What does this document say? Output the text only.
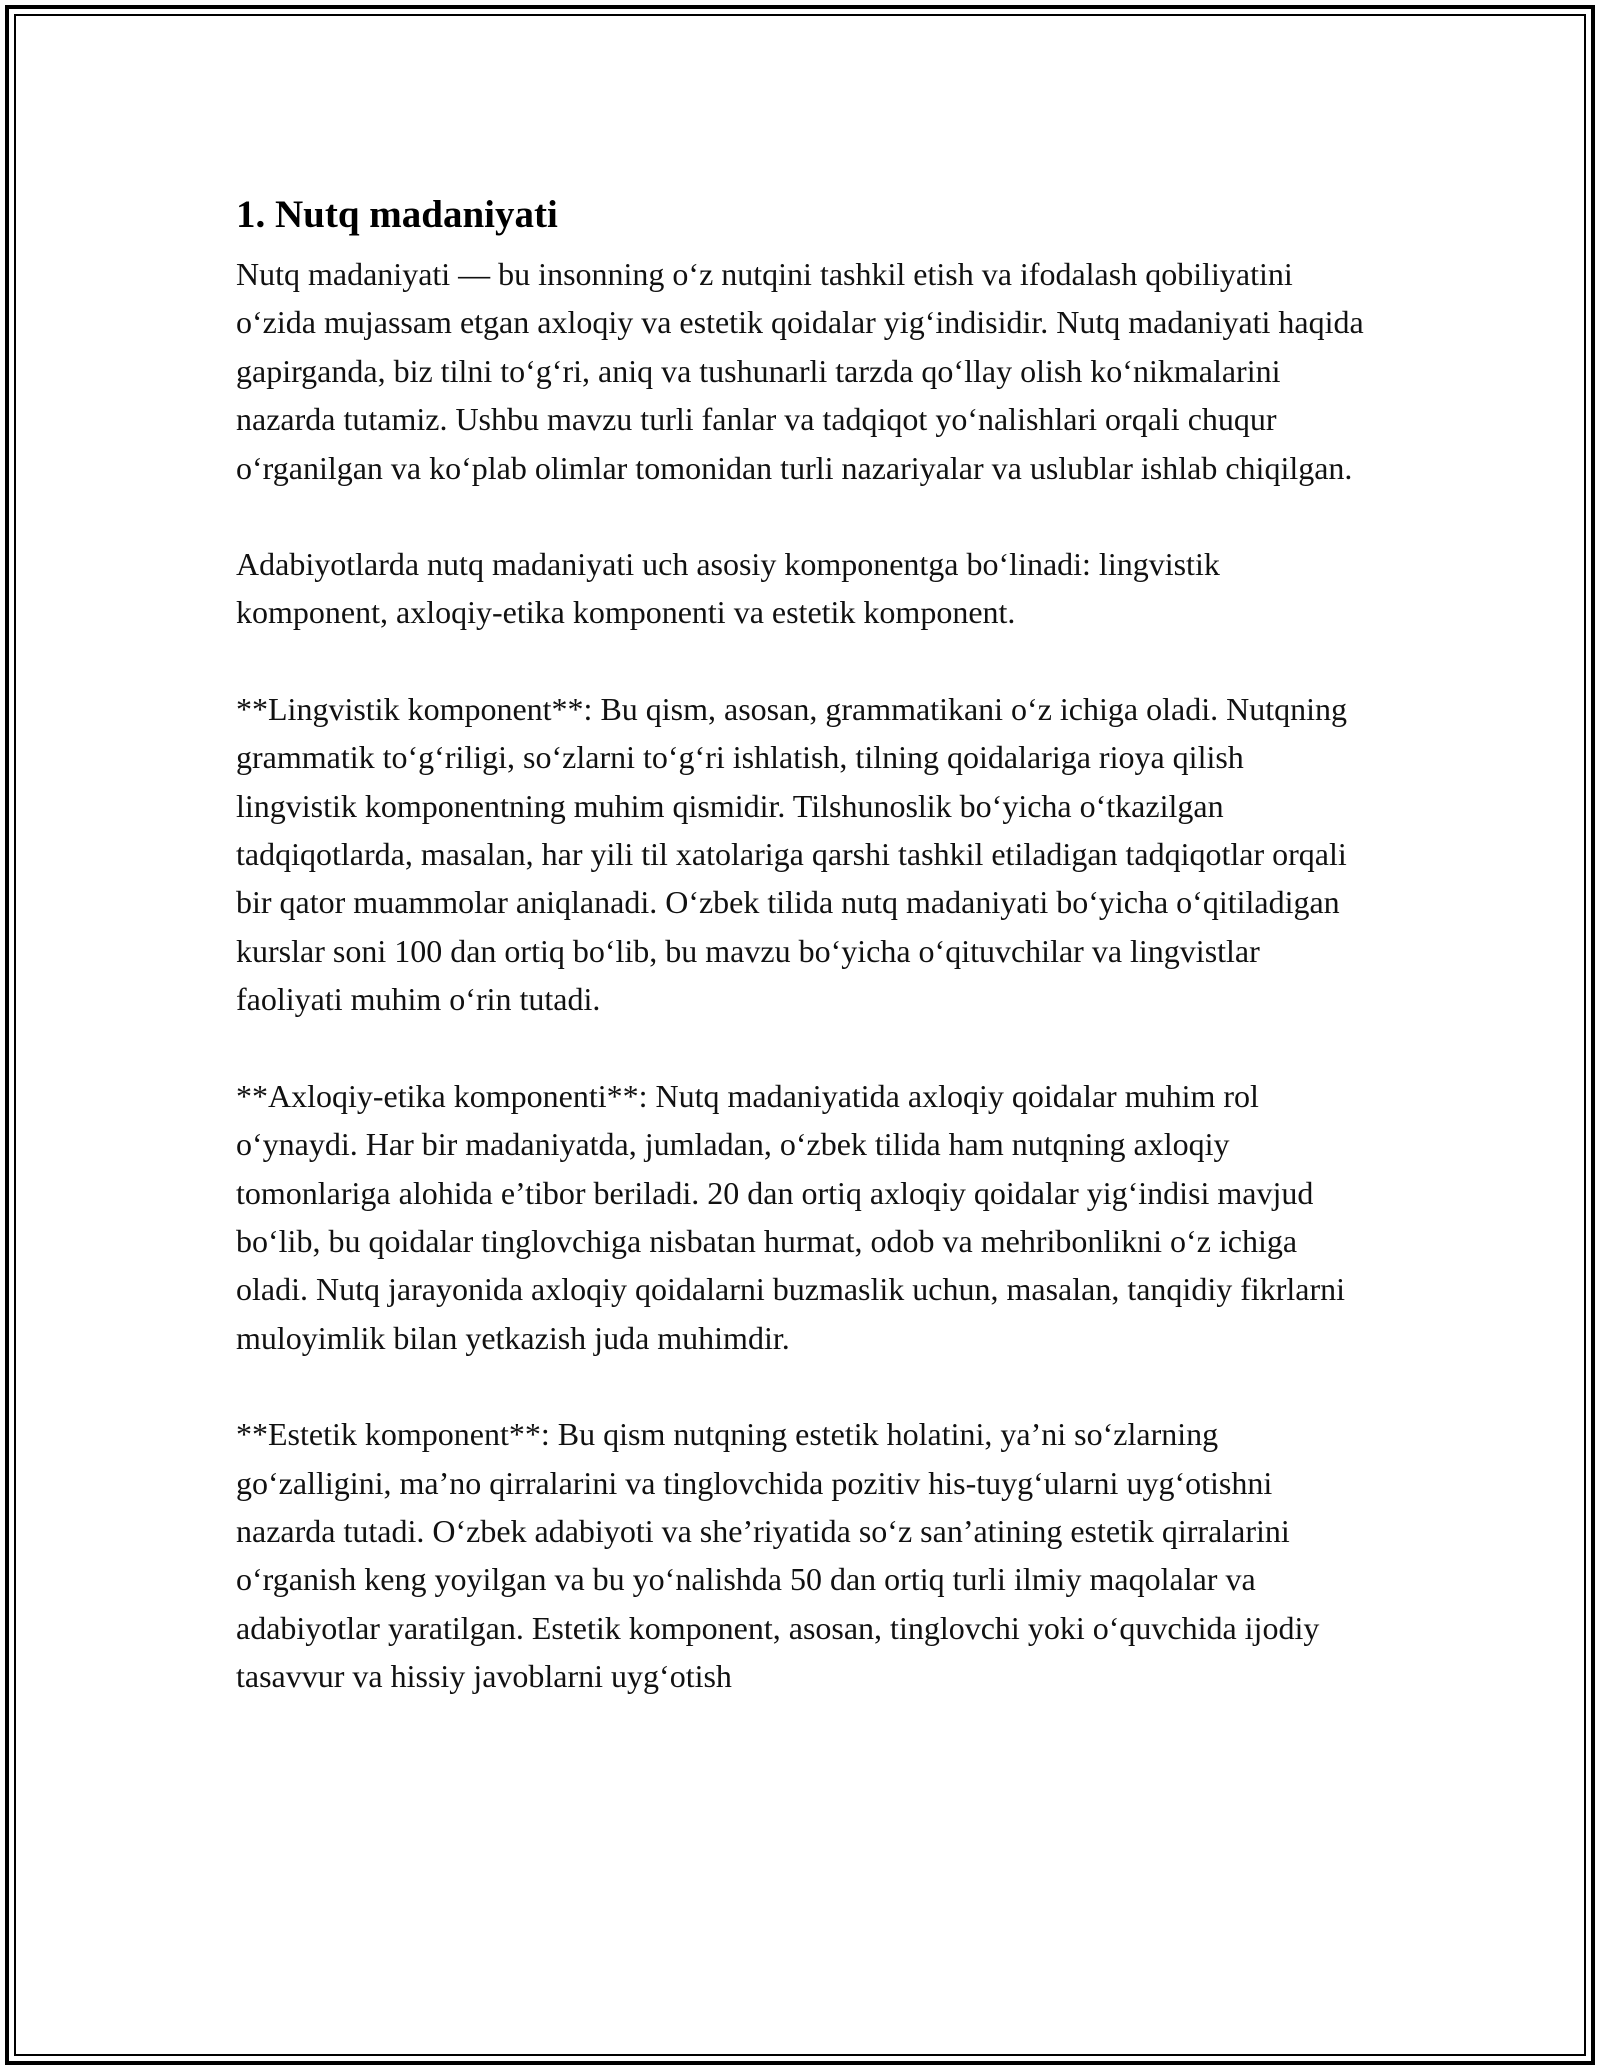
1. Nutq madaniyati

Nutq madaniyati — bu insonning o‘z nutqini tashkil etish va ifodalash qobiliyatini o‘zida mujassam etgan axloqiy va estetik qoidalar yig‘indisidir. Nutq madaniyati haqida gapirganda, biz tilni to‘g‘ri, aniq va tushunarli tarzda qo‘llay olish ko‘nikmalarini nazarda tutamiz. Ushbu mavzu turli fanlar va tadqiqot yo‘nalishlari orqali chuqur o‘rganilgan va ko‘plab olimlar tomonidan turli nazariyalar va uslublar ishlab chiqilgan.

Adabiyotlarda nutq madaniyati uch asosiy komponentga bo‘linadi: lingvistik komponent, axloqiy-etika komponenti va estetik komponent.

**Lingvistik komponent**: Bu qism, asosan, grammatikani o‘z ichiga oladi. Nutqning grammatik to‘g‘riligi, so‘zlarni to‘g‘ri ishlatish, tilning qoidalariga rioya qilish lingvistik komponentning muhim qismidir. Tilshunoslik bo‘yicha o‘tkazilgan tadqiqotlarda, masalan, har yili til xatolariga qarshi tashkil etiladigan tadqiqotlar orqali bir qator muammolar aniqlanadi. O‘zbek tilida nutq madaniyati bo‘yicha o‘qitiladigan kurslar soni 100 dan ortiq bo‘lib, bu mavzu bo‘yicha o‘qituvchilar va lingvistlar faoliyati muhim o‘rin tutadi.

**Axloqiy-etika komponenti**: Nutq madaniyatida axloqiy qoidalar muhim rol o‘ynaydi. Har bir madaniyatda, jumladan, o‘zbek tilida ham nutqning axloqiy tomonlariga alohida e’tibor beriladi. 20 dan ortiq axloqiy qoidalar yig‘indisi mavjud bo‘lib, bu qoidalar tinglovchiga nisbatan hurmat, odob va mehribonlikni o‘z ichiga oladi. Nutq jarayonida axloqiy qoidalarni buzmaslik uchun, masalan, tanqidiy fikrlarni muloyimlik bilan yetkazish juda muhimdir.

**Estetik komponent**: Bu qism nutqning estetik holatini, ya’ni so‘zlarning go‘zalligini, ma’no qirralarini va tinglovchida pozitiv his-tuyg‘ularni uyg‘otishni nazarda tutadi. O‘zbek adabiyoti va she’riyatida so‘z san’atining estetik qirralarini o‘rganish keng yoyilgan va bu yo‘nalishda 50 dan ortiq turli ilmiy maqolalar va adabiyotlar yaratilgan. Estetik komponent, asosan, tinglovchi yoki o‘quvchida ijodiy tasavvur va hissiy javoblarni uyg‘otish
